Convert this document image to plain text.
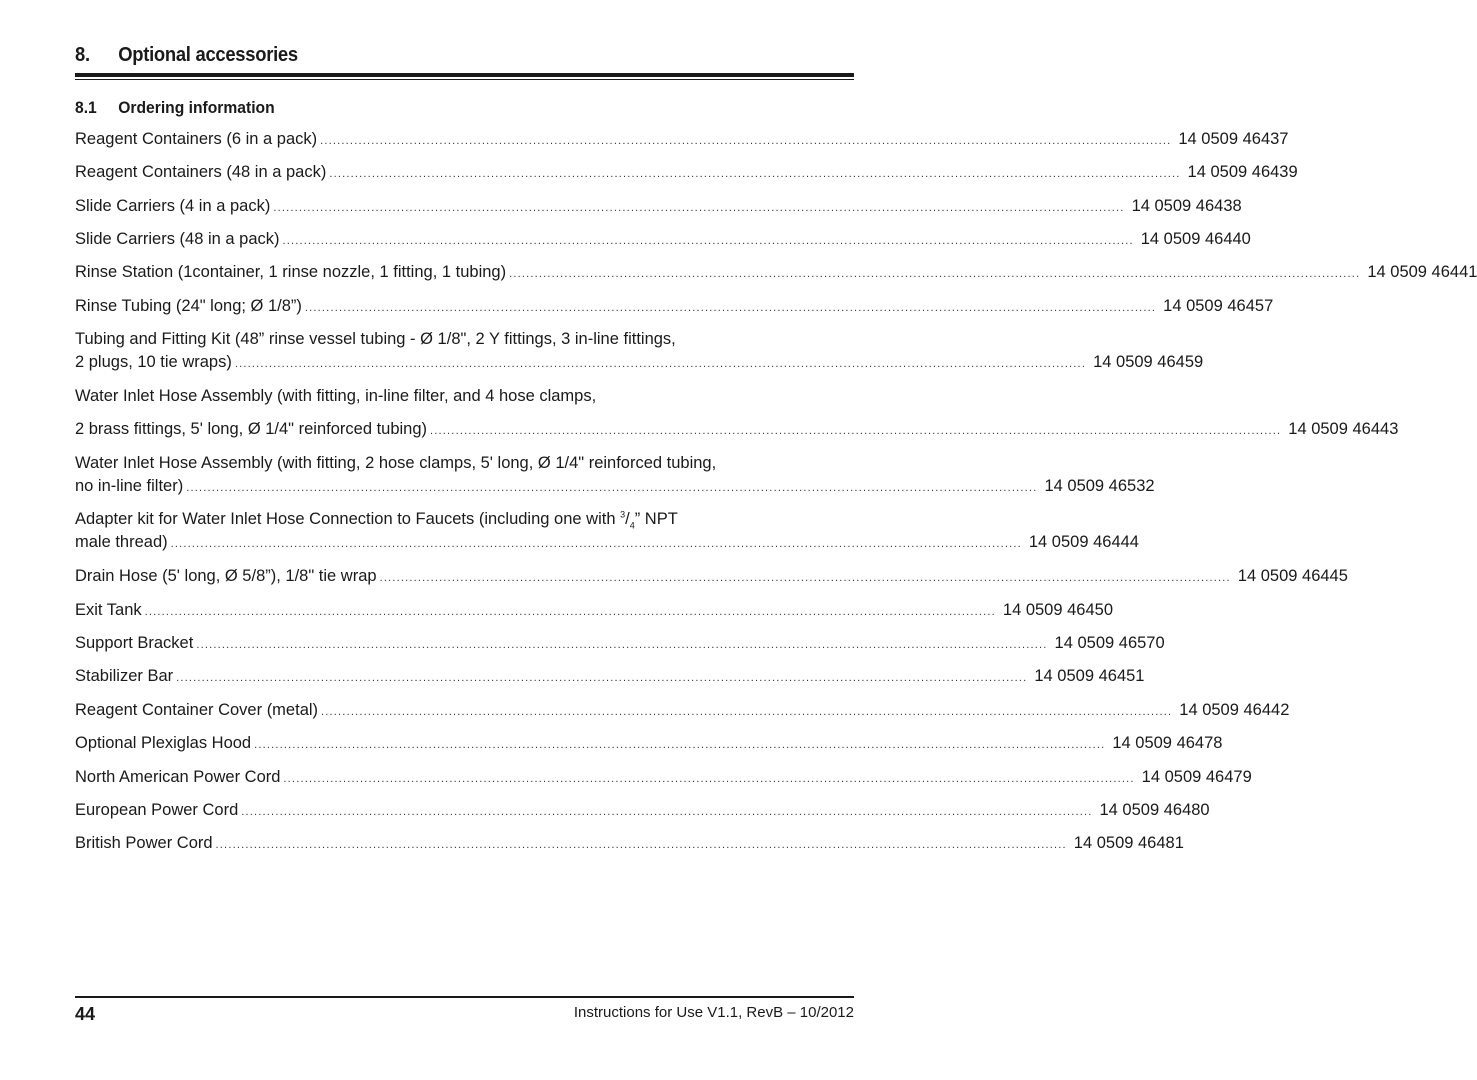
8.	Optional accessories
8.1	Ordering information
Reagent Containers (6 in a pack) ........................................................................................................................................................................................................ 14 0509 46437
Reagent Containers (48 in a pack) ........................................................................................................................................................................................................ 14 0509 46439
Slide Carriers (4 in a pack) ........................................................................................................................................................................................................ 14 0509 46438
Slide Carriers (48 in a pack) ........................................................................................................................................................................................................ 14 0509 46440
Rinse Station (1container, 1 rinse nozzle, 1 fitting, 1 tubing) ........................................................................................................................................................................................................ 14 0509 46441
Rinse Tubing (24" long; Ø 1/8”) ........................................................................................................................................................................................................ 14 0509 46457
Tubing and Fitting Kit (48” rinse vessel tubing - Ø 1/8", 2 Y fittings, 3 in-line fittings,
2 plugs, 10 tie wraps) ........................................................................................................................................................................................................ 14 0509 46459
Water Inlet Hose Assembly (with fitting, in-line filter, and 4 hose clamps,
2 brass fittings, 5' long, Ø 1/4" reinforced tubing) ........................................................................................................................................................................................................ 14 0509 46443
Water Inlet Hose Assembly (with fitting, 2 hose clamps, 5' long, Ø 1/4" reinforced tubing,
no in-line filter) ........................................................................................................................................................................................................ 14 0509 46532
Adapter kit for Water Inlet Hose Connection to Faucets (including one with $^3/_4$” NPT
male thread) ........................................................................................................................................................................................................ 14 0509 46444
Drain Hose (5' long, Ø 5/8”), 1/8" tie wrap ........................................................................................................................................................................................................ 14 0509 46445
Exit Tank ........................................................................................................................................................................................................ 14 0509 46450
Support Bracket ........................................................................................................................................................................................................ 14 0509 46570
Stabilizer Bar ........................................................................................................................................................................................................ 14 0509 46451
Reagent Container Cover (metal) ........................................................................................................................................................................................................ 14 0509 46442
Optional Plexiglas Hood ........................................................................................................................................................................................................ 14 0509 46478
North American Power Cord ........................................................................................................................................................................................................ 14 0509 46479
European Power Cord ........................................................................................................................................................................................................ 14 0509 46480
British Power Cord ........................................................................................................................................................................................................ 14 0509 46481
44	Instructions for Use V1.1, RevB – 10/2012
